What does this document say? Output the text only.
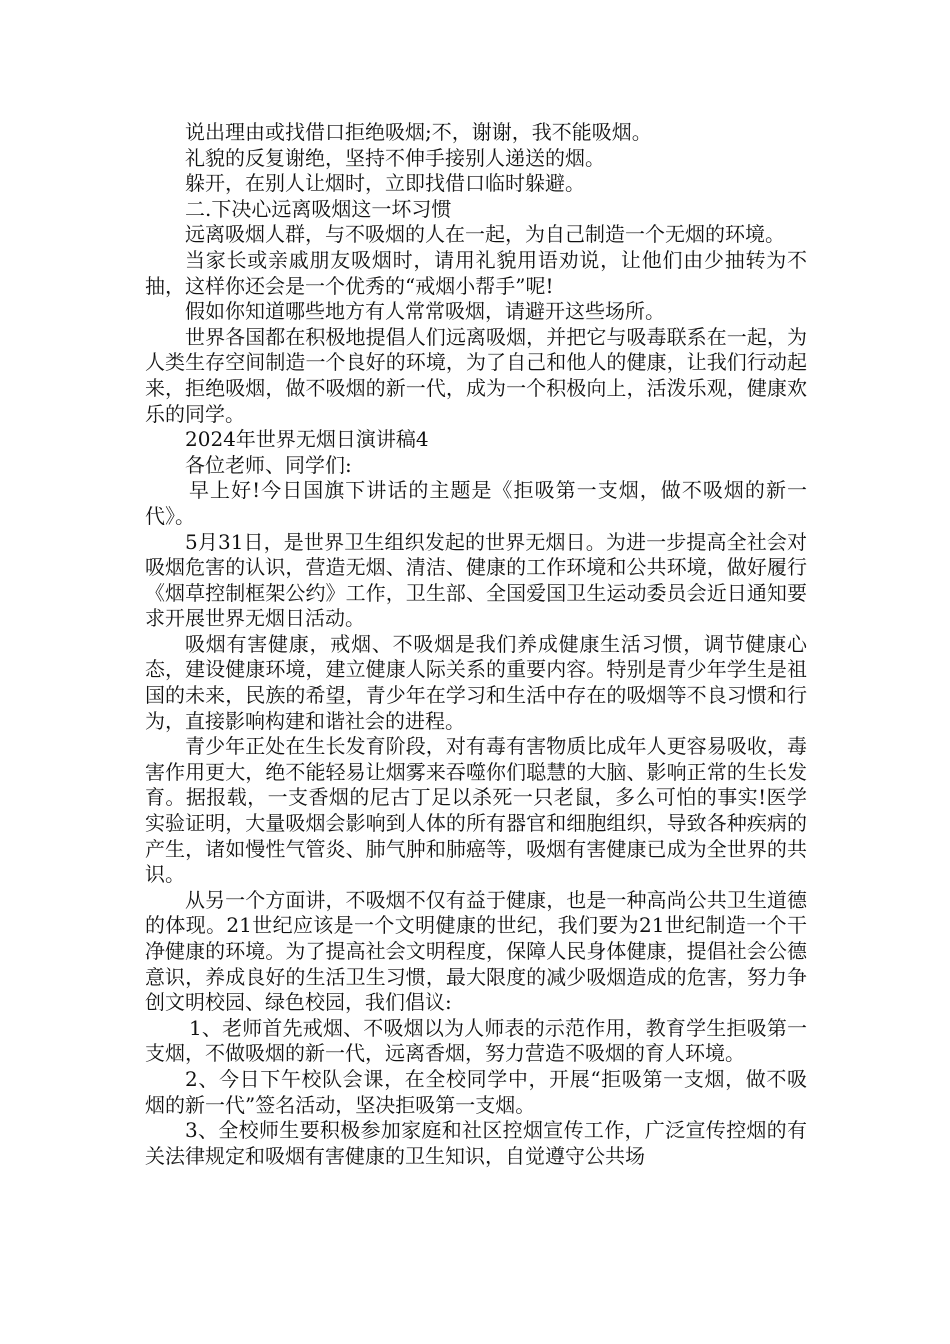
说出理由或找借口拒绝吸烟;不，谢谢，我不能吸烟。

礼貌的反复谢绝，坚持不伸手接别人递送的烟。

躲开，在别人让烟时，立即找借口临时躲避。

二.下决心远离吸烟这一坏习惯

远离吸烟人群，与不吸烟的人在一起，为自己制造一个无烟的环境。

当家长或亲戚朋友吸烟时，请用礼貌用语劝说，让他们由少抽转为不抽，这样你还会是一个优秀的“戒烟小帮手”呢!

假如你知道哪些地方有人常常吸烟，请避开这些场所。

世界各国都在积极地提倡人们远离吸烟，并把它与吸毒联系在一起，为人类生存空间制造一个良好的环境，为了自己和他人的健康，让我们行动起来，拒绝吸烟，做不吸烟的新一代，成为一个积极向上，活泼乐观，健康欢乐的同学。

2024年世界无烟日演讲稿4

各位老师、同学们:

早上好!今日国旗下讲话的主题是《拒吸第一支烟，做不吸烟的新一代》。

5月31日，是世界卫生组织发起的世界无烟日。为进一步提高全社会对吸烟危害的认识，营造无烟、清洁、健康的工作环境和公共环境，做好履行《烟草控制框架公约》工作，卫生部、全国爱国卫生运动委员会近日通知要求开展世界无烟日活动。

吸烟有害健康，戒烟、不吸烟是我们养成健康生活习惯，调节健康心态，建设健康环境，建立健康人际关系的重要内容。特别是青少年学生是祖国的未来，民族的希望，青少年在学习和生活中存在的吸烟等不良习惯和行为，直接影响构建和谐社会的进程。

青少年正处在生长发育阶段，对有毒有害物质比成年人更容易吸收，毒害作用更大，绝不能轻易让烟雾来吞噬你们聪慧的大脑、影响正常的生长发育。据报载，一支香烟的尼古丁足以杀死一只老鼠，多么可怕的事实!医学实验证明，大量吸烟会影响到人体的所有器官和细胞组织，导致各种疾病的产生，诸如慢性气管炎、肺气肿和肺癌等，吸烟有害健康已成为全世界的共识。

从另一个方面讲，不吸烟不仅有益于健康，也是一种高尚公共卫生道德的体现。21世纪应该是一个文明健康的世纪，我们要为21世纪制造一个干净健康的环境。为了提高社会文明程度，保障人民身体健康，提倡社会公德意识，养成良好的生活卫生习惯，最大限度的减少吸烟造成的危害，努力争创文明校园、绿色校园，我们倡议:

1、老师首先戒烟、不吸烟以为人师表的示范作用，教育学生拒吸第一支烟，不做吸烟的新一代，远离香烟，努力营造不吸烟的育人环境。

2、今日下午校队会课，在全校同学中，开展“拒吸第一支烟，做不吸烟的新一代”签名活动，坚决拒吸第一支烟。

3、全校师生要积极参加家庭和社区控烟宣传工作，广泛宣传控烟的有关法律规定和吸烟有害健康的卫生知识，自觉遵守公共场
